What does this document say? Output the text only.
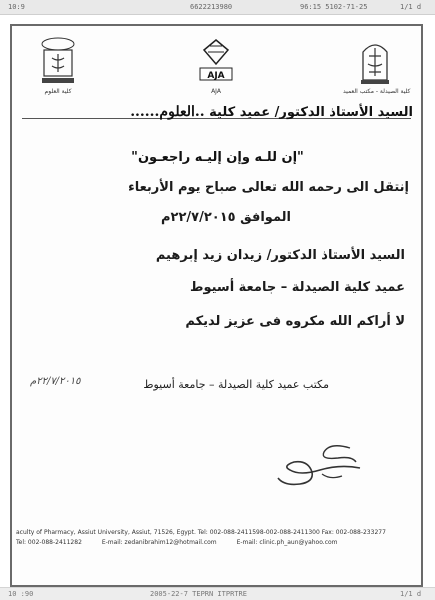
10:9	6622213980	96:15 5102-71-25	1/1 d
كلية العلوم
AJA
AJA	كلية الصيدلة - مكتب العميد
السيد الأستاذ الدكتور/ عميد كلية ..العلوم......
"إن للـه وإن إليـه راجعـون"
إنتقل الى رحمه الله تعالى صباح يوم الأربعاء
الموافق ٢٢/٧/٢٠١٥م
السيد الأستاذ الدكتور/ زيدان زيد إبرهيم
عميد كلية الصيدلة – جامعة أسيوط
لا أراكم الله مكروه فى عزيز لديكم
مكتب عميد كلية الصيدلة – جامعة أسيوط
٢٢/٧/٢٠١٥م
aculty of Pharmacy, Assiut University, Assiut, 71526, Egypt. Tel: 002-088-2411598-002-088-2411300 Fax: 002-088-233277
Tel: 002-088-2411282	E-mail: zedanibrahim12@hotmail.com	E-mail: clinic.ph_aun@yahoo.com
10 :90	2005-22-7 TEPRN ITPRTRE	1/1 d
